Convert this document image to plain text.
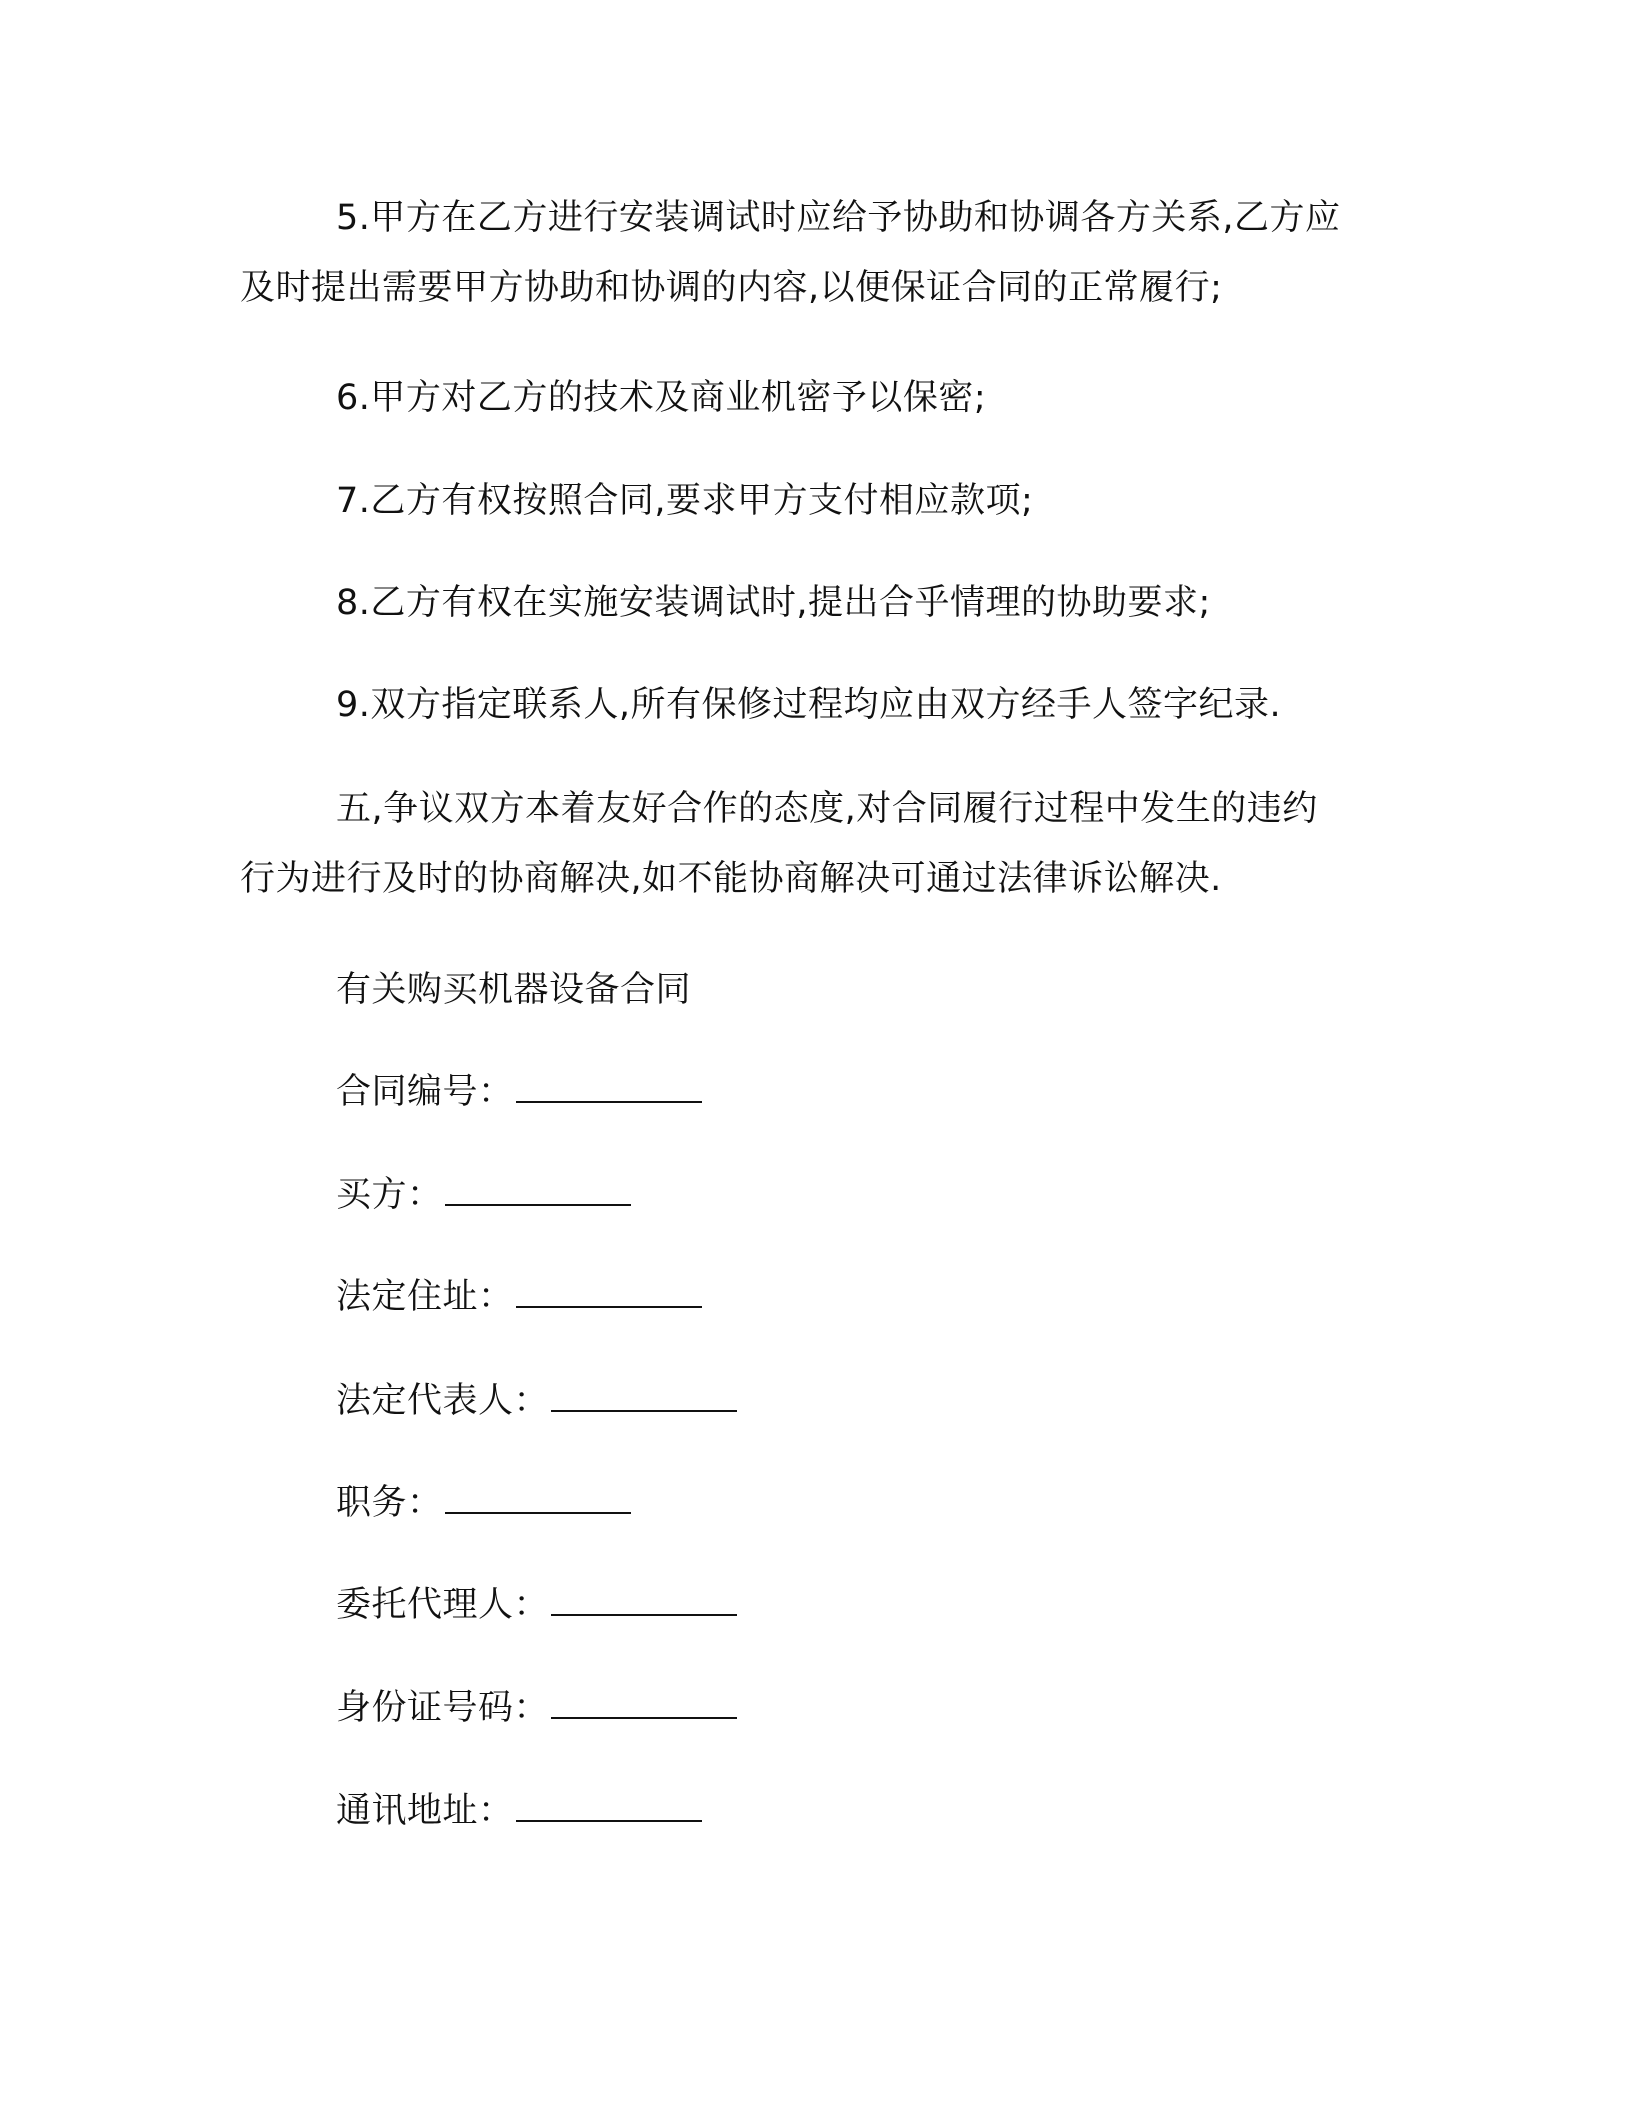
5.甲方在乙方进行安装调试时应给予协助和协调各方关系,乙方应
及时提出需要甲方协助和协调的内容,以便保证合同的正常履行;
6.甲方对乙方的技术及商业机密予以保密;
7.乙方有权按照合同,要求甲方支付相应款项;
8.乙方有权在实施安装调试时,提出合乎情理的协助要求;
9.双方指定联系人,所有保修过程均应由双方经手人签字纪录.
五,争议双方本着友好合作的态度,对合同履行过程中发生的违约
行为进行及时的协商解决,如不能协商解决可通过法律诉讼解决.
有关购买机器设备合同
合同编号：
买方：
法定住址：
法定代表人：
职务：
委托代理人：
身份证号码：
通讯地址：
